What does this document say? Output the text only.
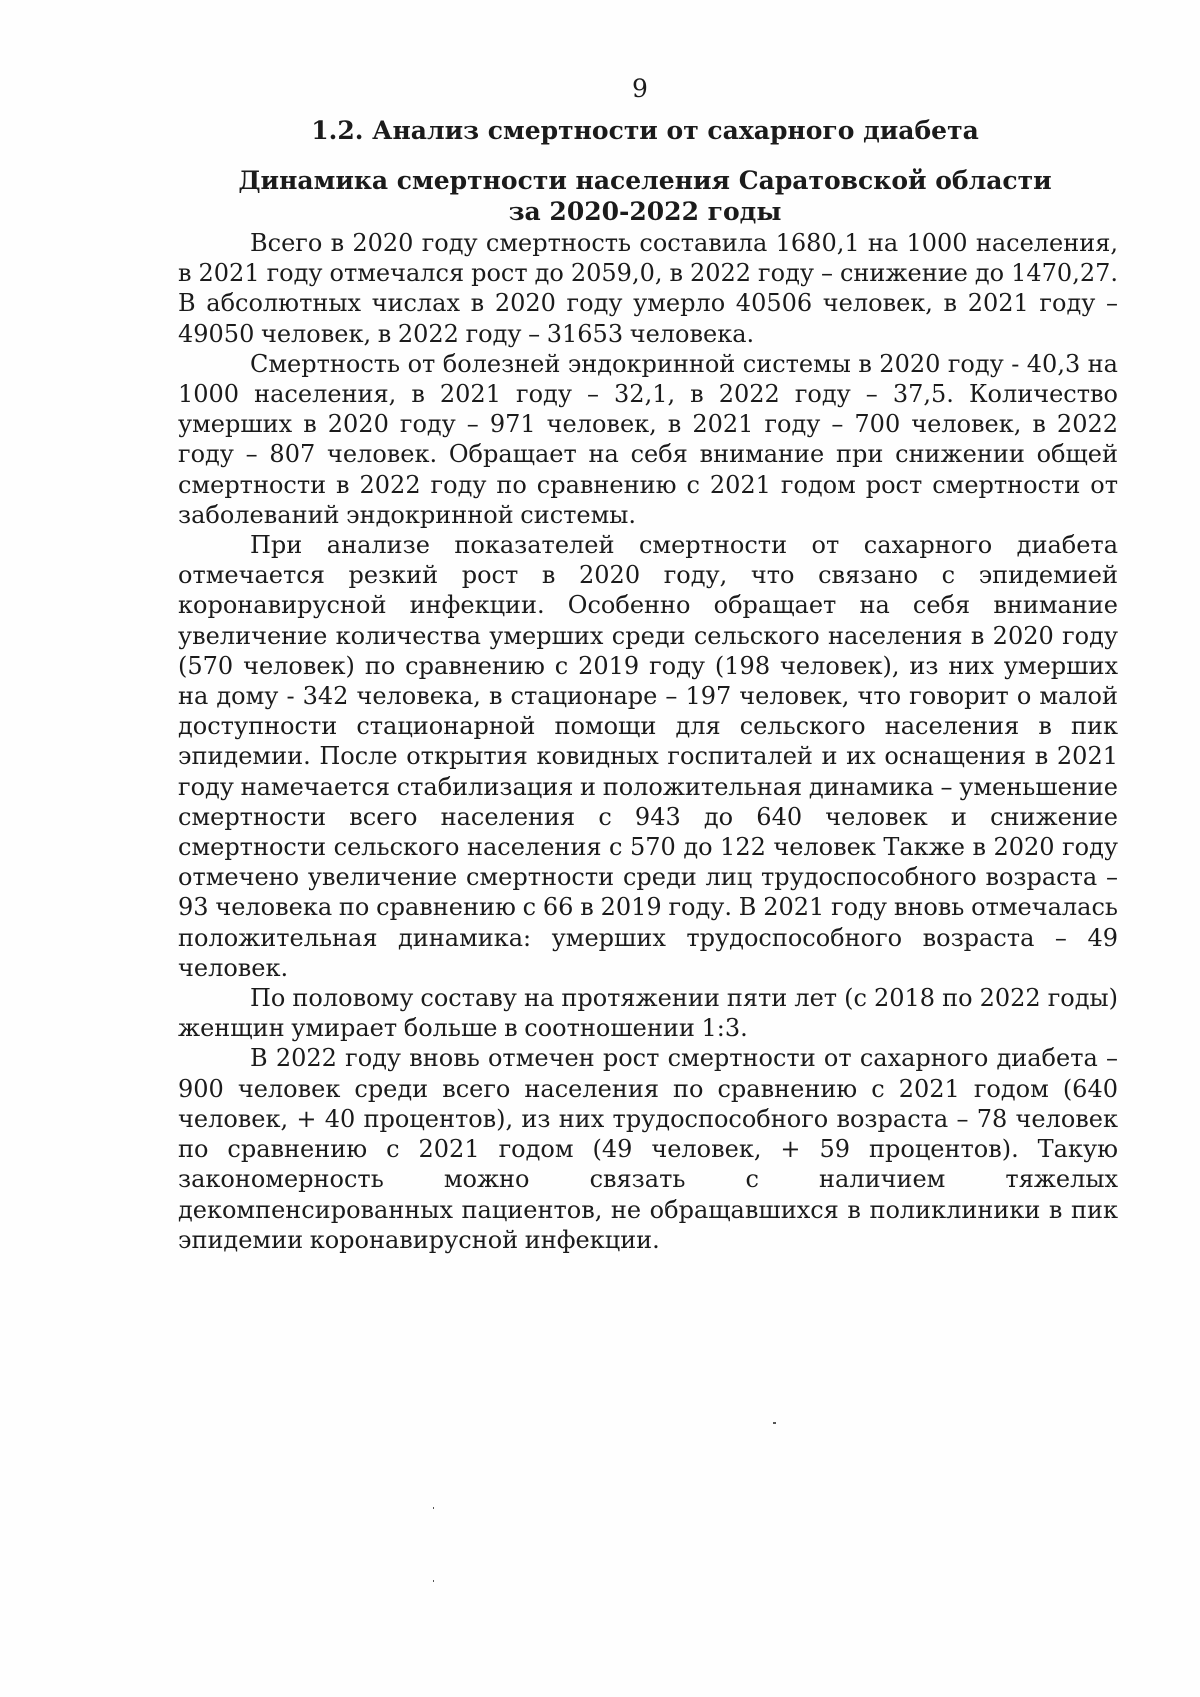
9
1.2. Анализ смертности от сахарного диабета
Динамика смертности населения Саратовской области
за 2020-2022 годы

Всего в 2020 году смертность составила 1680,1 на 1000 населения, в 2021 году отмечался рост до 2059,0, в 2022 году – снижение до 1470,27. В абсолютных числах в 2020 году умерло 40506 человек, в 2021 году – 49050 человек, в 2022 году – 31653 человека.

Смертность от болезней эндокринной системы в 2020 году - 40,3 на 1000 населения, в 2021 году – 32,1, в 2022 году – 37,5. Количество умерших в 2020 году – 971 человек, в 2021 году – 700 человек, в 2022 году – 807 человек. Обращает на себя внимание при снижении общей смертности в 2022 году по сравнению с 2021 годом рост смертности от заболеваний эндокринной системы.

При анализе показателей смертности от сахарного диабета отмечается резкий рост в 2020 году, что связано с эпидемией коронавирусной инфекции. Особенно обращает на себя внимание увеличение количества умерших среди сельского населения в 2020 году (570 человек) по сравнению с 2019 году (198 человек), из них умерших на дому - 342 человека, в стационаре – 197 человек, что говорит о малой доступности стационарной помощи для сельского населения в пик эпидемии. После открытия ковидных госпиталей и их оснащения в 2021 году намечается стабилизация и положительная динамика – уменьшение смертности всего населения с 943 до 640 человек и снижение смертности сельского населения с 570 до 122 человек Также в 2020 году отмечено увеличение смертности среди лиц трудоспособного возраста – 93 человека по сравнению с 66 в 2019 году. В 2021 году вновь отмечалась положительная динамика: умерших трудоспособного возраста – 49 человек.

По половому составу на протяжении пяти лет (с 2018 по 2022 годы) женщин умирает больше в соотношении 1:3.

В 2022 году вновь отмечен рост смертности от сахарного диабета – 900 человек среди всего населения по сравнению с 2021 годом (640 человек, + 40 процентов), из них трудоспособного возраста – 78 человек по сравнению с 2021 годом (49 человек, + 59 процентов). Такую закономерность можно связать с наличием тяжелых декомпенсированных пациентов, не обращавшихся в поликлиники в пик эпидемии коронавирусной инфекции.
